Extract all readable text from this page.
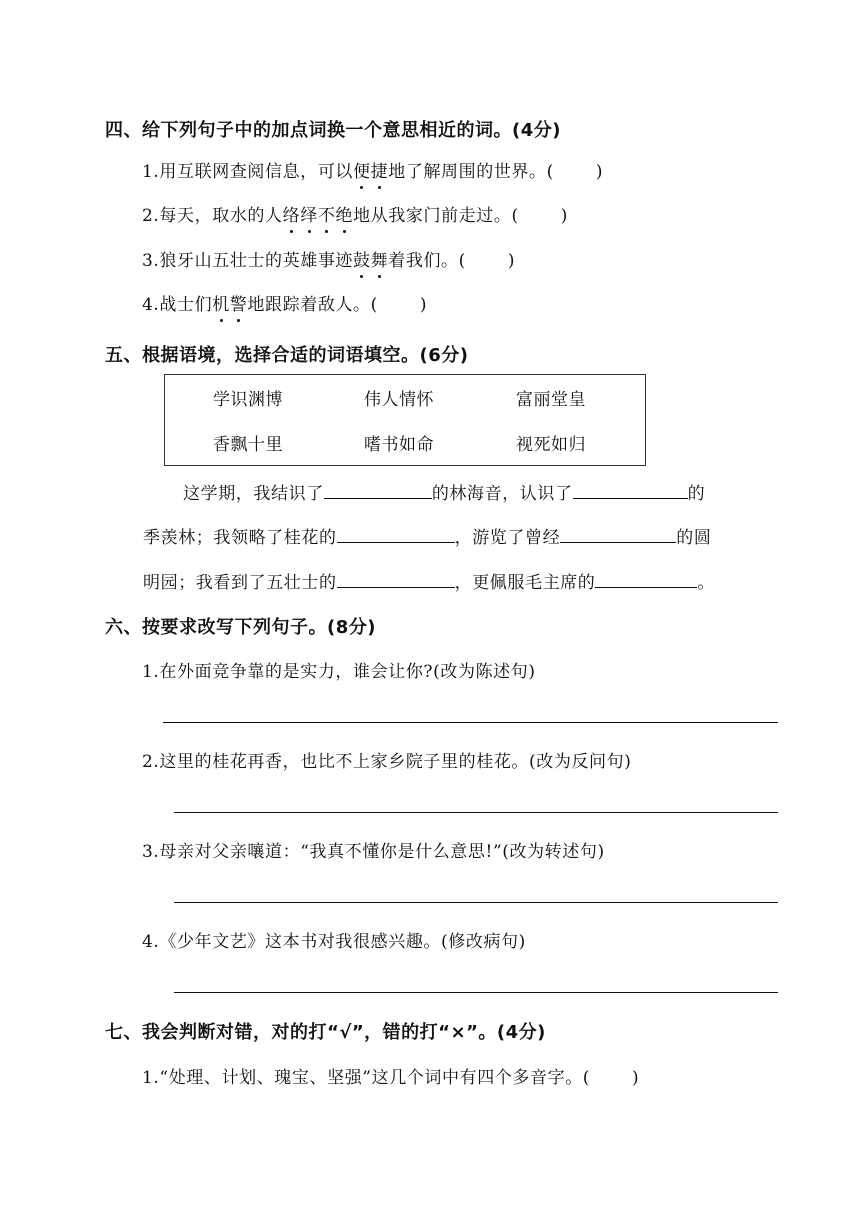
四、给下列句子中的加点词换一个意思相近的词。(4分)
1.用互联网查阅信息，可以便捷地了解周围的世界。( )
2.每天，取水的人络绎不绝地从我家门前走过。( )
3.狼牙山五壮士的英雄事迹鼓舞着我们。( )
4.战士们机警地跟踪着敌人。( )
五、根据语境，选择合适的词语填空。(6分)
学识渊博	伟人情怀	富丽堂皇
香飘十里	嗜书如命	视死如归
这学期，我结识了	的林海音，认识了	的
季羡林；我领略了桂花的	，游览了曾经	的圆
明园；我看到了五壮士的	，更佩服毛主席的	。
六、按要求改写下列句子。(8分)
1.在外面竞争靠的是实力，谁会让你?(改为陈述句)
2.这里的桂花再香，也比不上家乡院子里的桂花。(改为反问句)
3.母亲对父亲嚷道：“我真不懂你是什么意思!”(改为转述句)
4.《少年文艺》这本书对我很感兴趣。(修改病句)
七、我会判断对错，对的打“√”，错的打“×”。(4分)
1.“处理、计划、瑰宝、坚强”这几个词中有四个多音字。( )
